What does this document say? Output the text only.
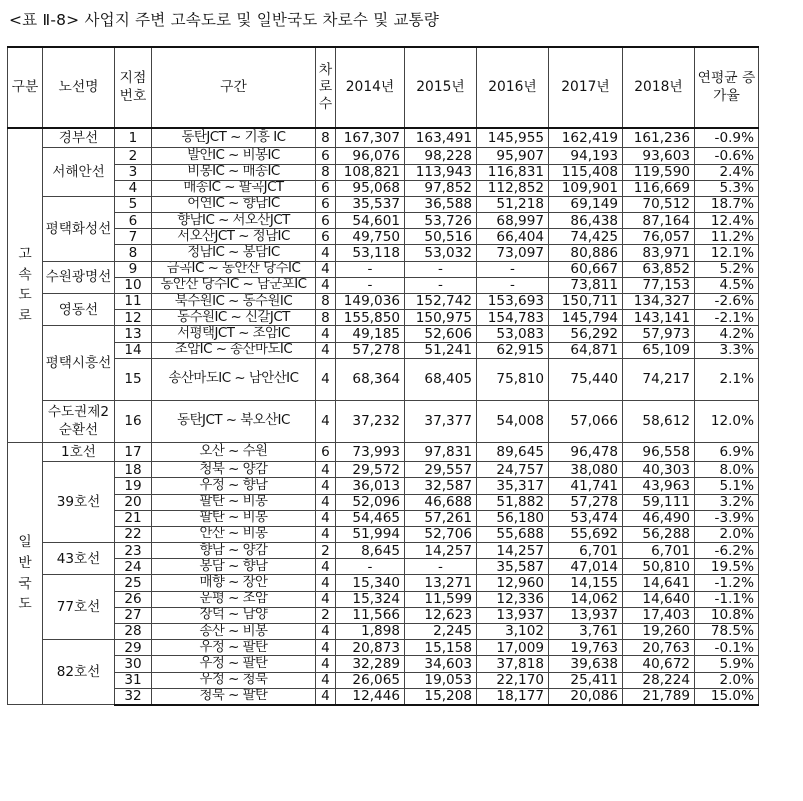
<표 Ⅱ-8> 사업지 주변 고속도로 및 일반국도 차로수 및 교통량
구분	노선명	지점번호	구간	차로수	2014년	2015년	2016년	2017년	2018년	연평균 증가율
고속도로	경부선	1	동탄JCT ~ 기흥 IC	8	167,307	163,491	145,955	162,419	161,236	-0.9%
	서해안선	2	발안IC ~ 비봉IC	6	96,076	98,228	95,907	94,193	93,603	-0.6%
		3	비봉IC ~ 매송IC	8	108,821	113,943	116,831	115,408	119,590	2.4%
		4	매송IC ~ 팔곡JCT	6	95,068	97,852	112,852	109,901	116,669	5.3%
	평택화성선	5	어연IC ~ 향남IC	6	35,537	36,588	51,218	69,149	70,512	18.7%
		6	향남IC ~ 서오산JCT	6	54,601	53,726	68,997	86,438	87,164	12.4%
		7	서오산JCT ~ 정남IC	6	49,750	50,516	66,404	74,425	76,057	11.2%
		8	정남IC ~ 봉담IC	4	53,118	53,032	73,097	80,886	83,971	12.1%
	수원광명선	9	금곡IC ~ 동안산 당수IC	4	-	-	-	60,667	63,852	5.2%
		10	동안산 당수IC ~ 남군포IC	4	-	-	-	73,811	77,153	4.5%
	영동선	11	북수원IC ~ 동수원IC	8	149,036	152,742	153,693	150,711	134,327	-2.6%
		12	동수원IC ~ 신갈JCT	8	155,850	150,975	154,783	145,794	143,141	-2.1%
	평택시흥선	13	서평택JCT ~ 조암IC	4	49,185	52,606	53,083	56,292	57,973	4.2%
		14	조암IC ~ 송산마도IC	4	57,278	51,241	62,915	64,871	65,109	3.3%
		15	송산마도IC ~ 남안산IC	4	68,364	68,405	75,810	75,440	74,217	2.1%
	수도권제2순환선	16	동탄JCT ~ 북오산IC	4	37,232	37,377	54,008	57,066	58,612	12.0%
일반국도	1호선	17	오산 ~ 수원	6	73,993	97,831	89,645	96,478	96,558	6.9%
	39호선	18	청북 ~ 양감	4	29,572	29,557	24,757	38,080	40,303	8.0%
		19	우정 ~ 향남	4	36,013	32,587	35,317	41,741	43,963	5.1%
		20	팔탄 ~ 비봉	4	52,096	46,688	51,882	57,278	59,111	3.2%
		21	팔탄 ~ 비봉	4	54,465	57,261	56,180	53,474	46,490	-3.9%
		22	안산 ~ 비봉	4	51,994	52,706	55,688	55,692	56,288	2.0%
	43호선	23	향남 ~ 양감	2	8,645	14,257	14,257	6,701	6,701	-6.2%
		24	봉담 ~ 향남	4	-	-	35,587	47,014	50,810	19.5%
	77호선	25	매향 ~ 장안	4	15,340	13,271	12,960	14,155	14,641	-1.2%
		26	운평 ~ 조암	4	15,324	11,599	12,336	14,062	14,640	-1.1%
		27	장덕 ~ 남양	2	11,566	12,623	13,937	13,937	17,403	10.8%
		28	송산 ~ 비봉	4	1,898	2,245	3,102	3,761	19,260	78.5%
	82호선	29	우정 ~ 팔탄	4	20,873	15,158	17,009	19,763	20,763	-0.1%
		30	우정 ~ 팔탄	4	32,289	34,603	37,818	39,638	40,672	5.9%
		31	우정 ~ 청북	4	26,065	19,053	22,170	25,411	28,224	2.0%
		32	청북 ~ 팔탄	4	12,446	15,208	18,177	20,086	21,789	15.0%
